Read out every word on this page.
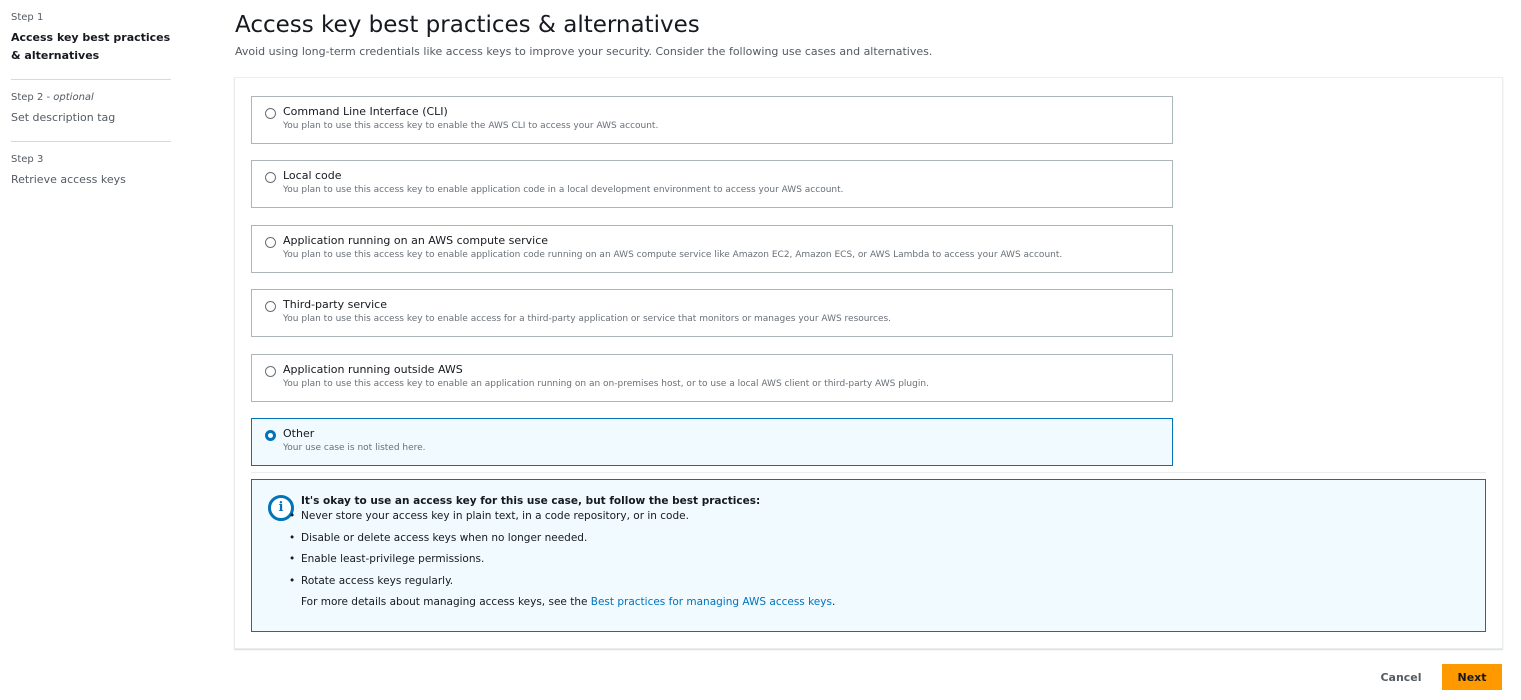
Step 1
Access key best practices & alternatives
Step 2 - optional
Set description tag
Step 3
Retrieve access keys
Access key best practices & alternatives
Avoid using long-term credentials like access keys to improve your security. Consider the following use cases and alternatives.
Command Line Interface (CLI)
You plan to use this access key to enable the AWS CLI to access your AWS account.
Local code
You plan to use this access key to enable application code in a local development environment to access your AWS account.
Application running on an AWS compute service
You plan to use this access key to enable application code running on an AWS compute service like Amazon EC2, Amazon ECS, or AWS Lambda to access your AWS account.
Third-party service
You plan to use this access key to enable access for a third-party application or service that monitors or manages your AWS resources.
Application running outside AWS
You plan to use this access key to enable an application running on an on-premises host, or to use a local AWS client or third-party AWS plugin.
Other
Your use case is not listed here.
i	It's okay to use an access key for this use case, but follow the best practices:
• Never store your access key in plain text, in a code repository, or in code.
• Disable or delete access keys when no longer needed.
• Enable least-privilege permissions.
• Rotate access keys regularly.
For more details about managing access keys, see the Best practices for managing AWS access keys.
Cancel	Next
